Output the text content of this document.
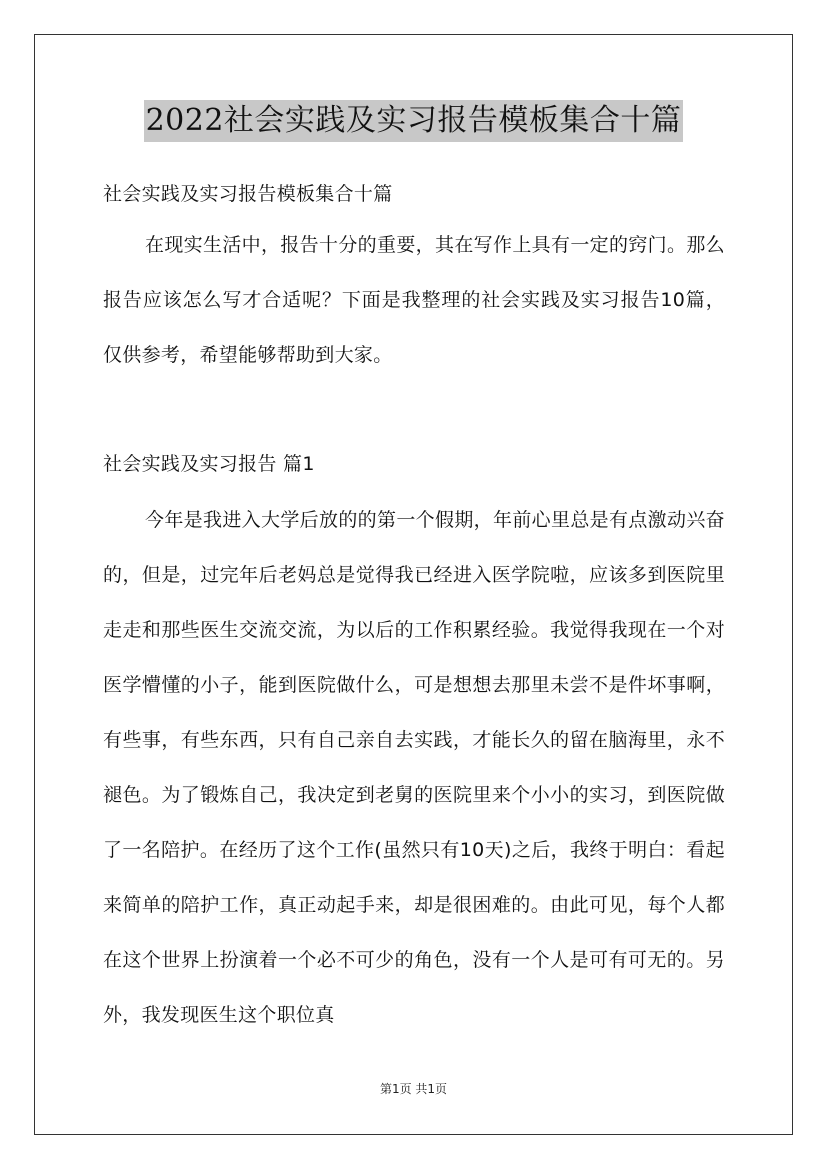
2022社会实践及实习报告模板集合十篇
社会实践及实习报告模板集合十篇
在现实生活中，报告十分的重要，其在写作上具有一定的窍门。那么报告应该怎么写才合适呢？下面是我整理的社会实践及实习报告10篇，仅供参考，希望能够帮助到大家。
社会实践及实习报告 篇1
今年是我进入大学后放的的第一个假期，年前心里总是有点激动兴奋的，但是，过完年后老妈总是觉得我已经进入医学院啦，应该多到医院里走走和那些医生交流交流，为以后的工作积累经验。我觉得我现在一个对医学懵懂的小子，能到医院做什么，可是想想去那里未尝不是件坏事啊，有些事，有些东西，只有自己亲自去实践，才能长久的留在脑海里，永不褪色。为了锻炼自己，我决定到老舅的医院里来个小小的实习，到医院做了一名陪护。在经历了这个工作(虽然只有10天)之后，我终于明白：看起来简单的陪护工作，真正动起手来，却是很困难的。由此可见，每个人都在这个世界上扮演着一个必不可少的角色，没有一个人是可有可无的。另外，我发现医生这个职位真
第1页 共1页
